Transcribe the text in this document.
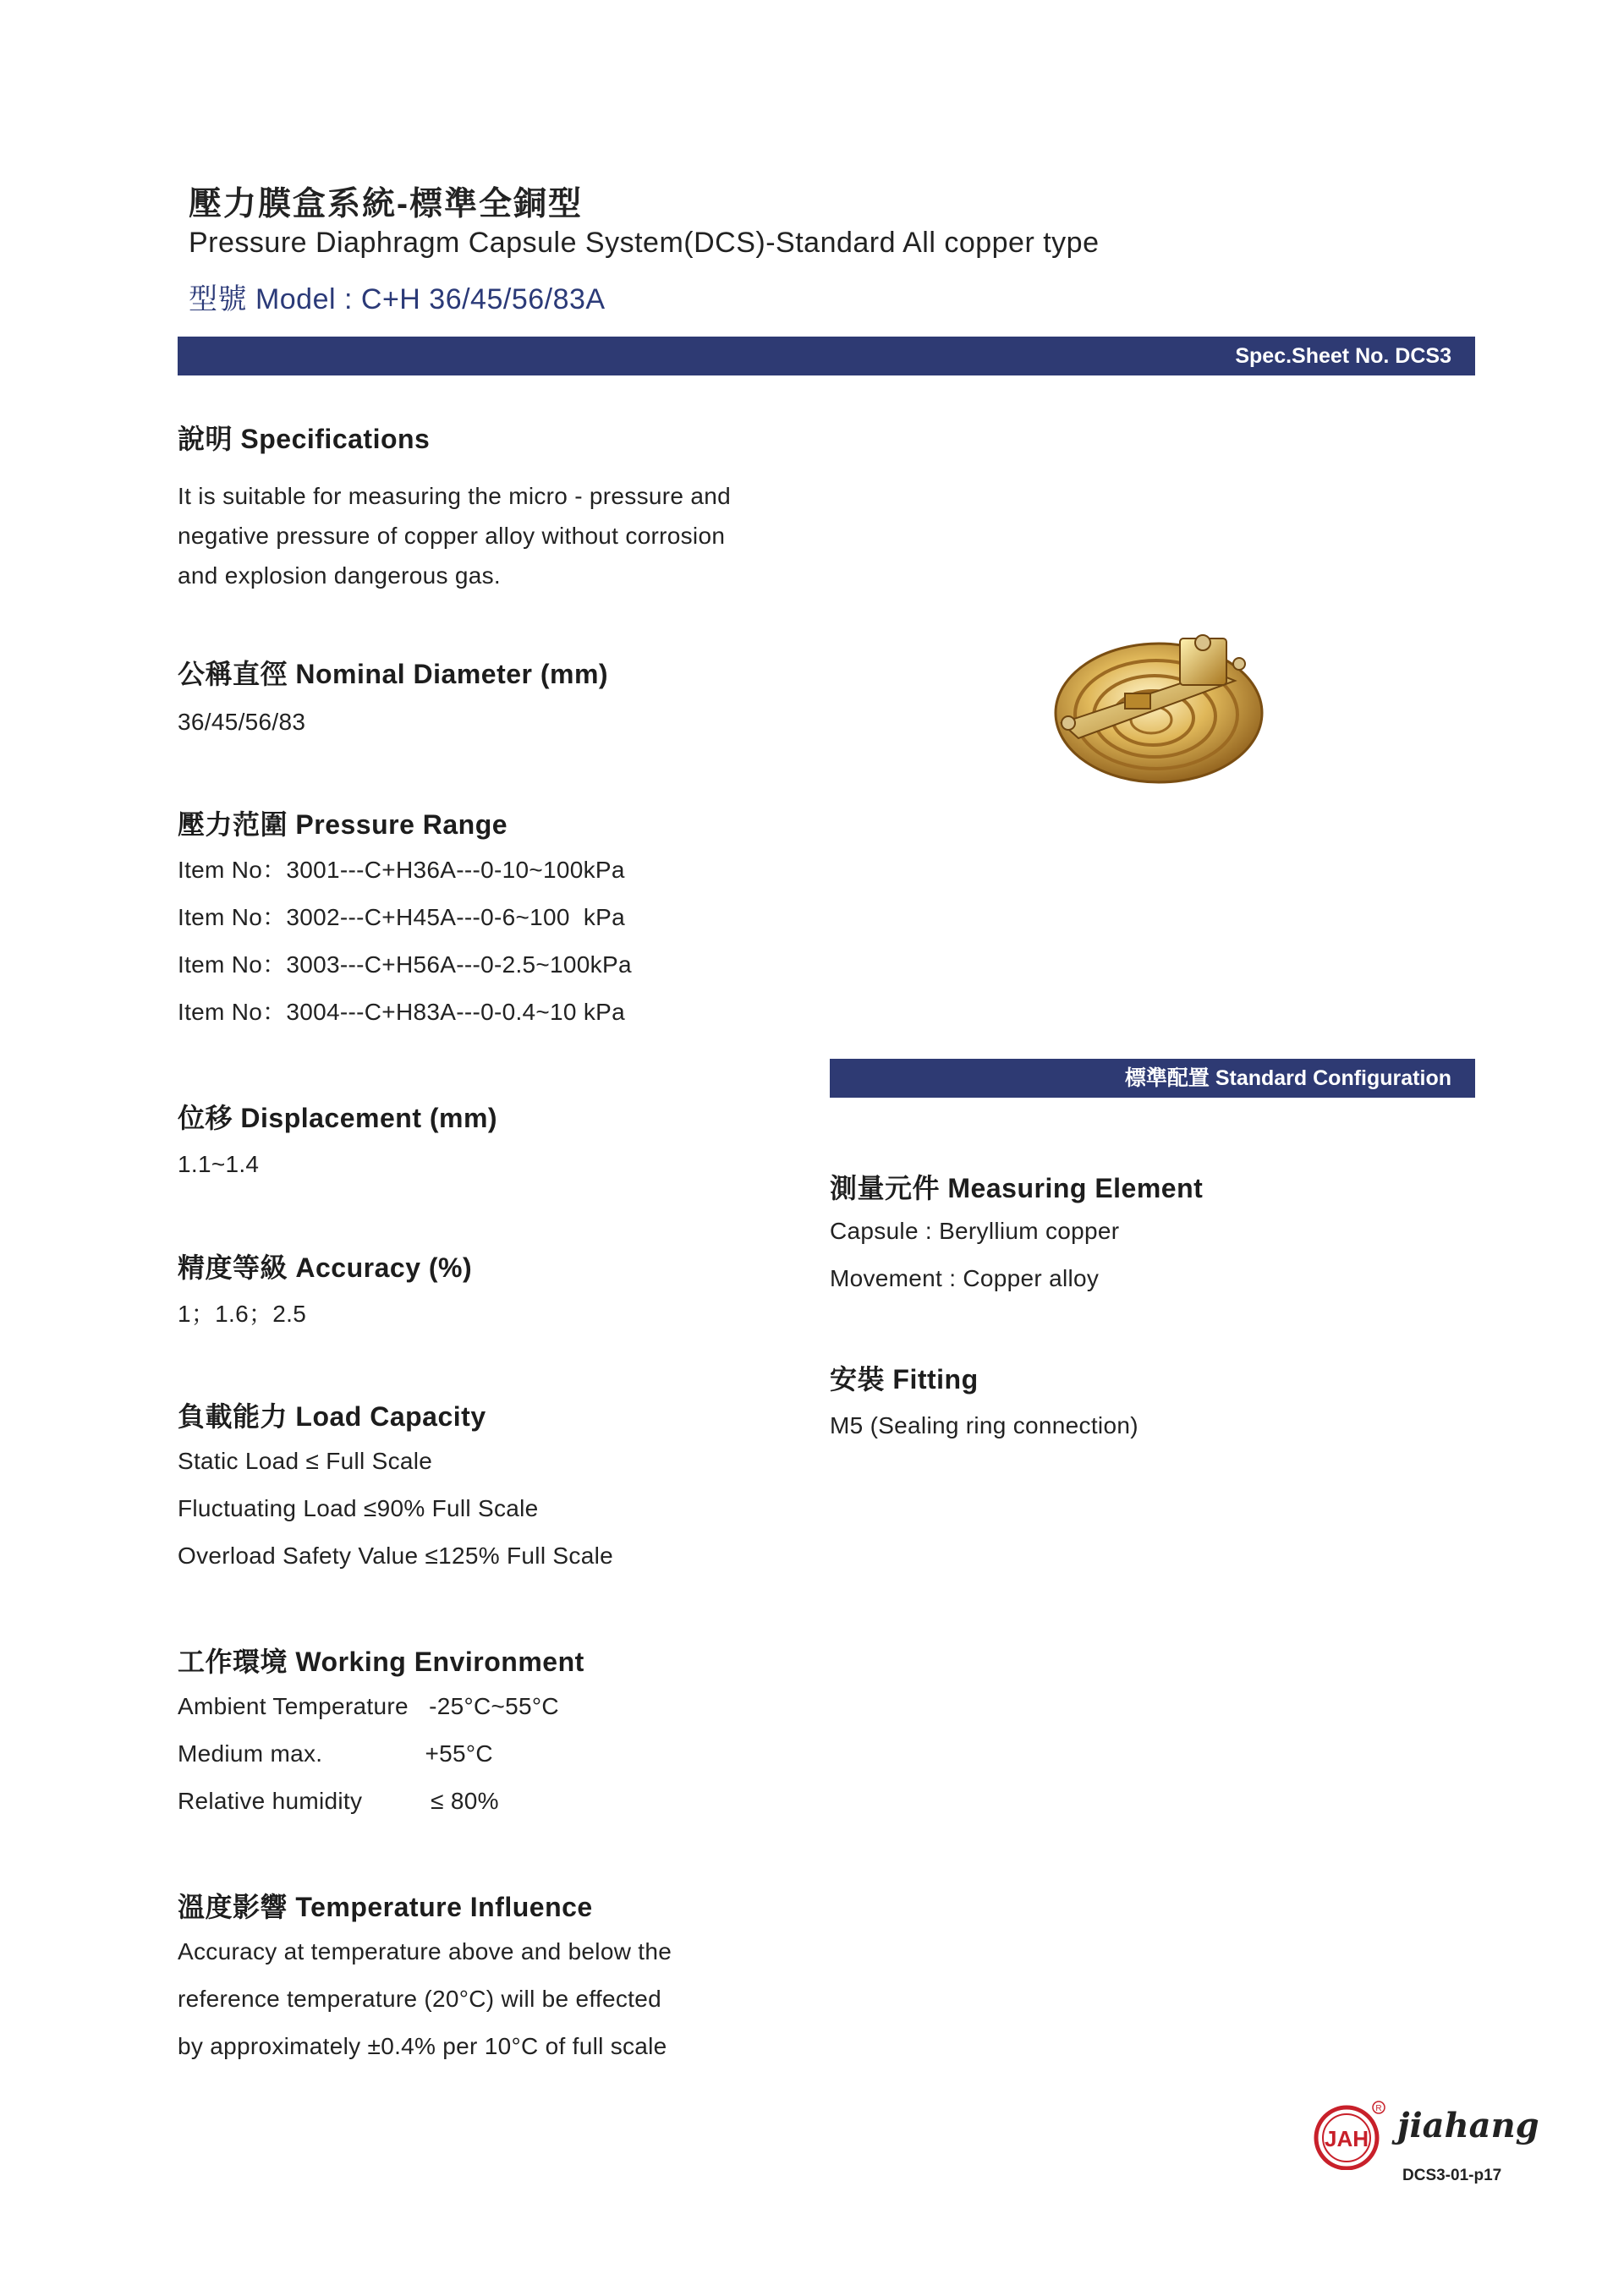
壓力膜盒系統-標準全銅型
Pressure Diaphragm Capsule System(DCS)-Standard All copper type
型號 Model : C+H 36/45/56/83A
Spec.Sheet No. DCS3
說明 Specifications
It is suitable for measuring the micro - pressure and
negative pressure of copper alloy without corrosion
and explosion dangerous gas.
公稱直徑 Nominal Diameter (mm)
36/45/56/83
壓力范圍 Pressure Range
Item No：3001---C+H36A---0-10~100kPa
Item No：3002---C+H45A---0-6~100  kPa
Item No：3003---C+H56A---0-2.5~100kPa
Item No：3004---C+H83A---0-0.4~10 kPa
標準配置 Standard Configuration
位移 Displacement (mm)
1.1~1.4
測量元件 Measuring Element
Capsule : Beryllium copper
Movement : Copper alloy
精度等級 Accuracy (%)
1；1.6；2.5
安裝 Fitting
M5 (Sealing ring connection)
負載能力 Load Capacity
Static Load ≤ Full Scale
Fluctuating Load ≤90% Full Scale
Overload Safety Value ≤125% Full Scale
工作環境 Working Environment
Ambient Temperature   -25°C~55°C
Medium max.               +55°C
Relative humidity          ≤ 80%
溫度影響 Temperature Influence
Accuracy at temperature above and below the
reference temperature (20°C) will be effected
by approximately ±0.4% per 10°C of full scale
JAH
R jiahang
DCS3-01-p17
